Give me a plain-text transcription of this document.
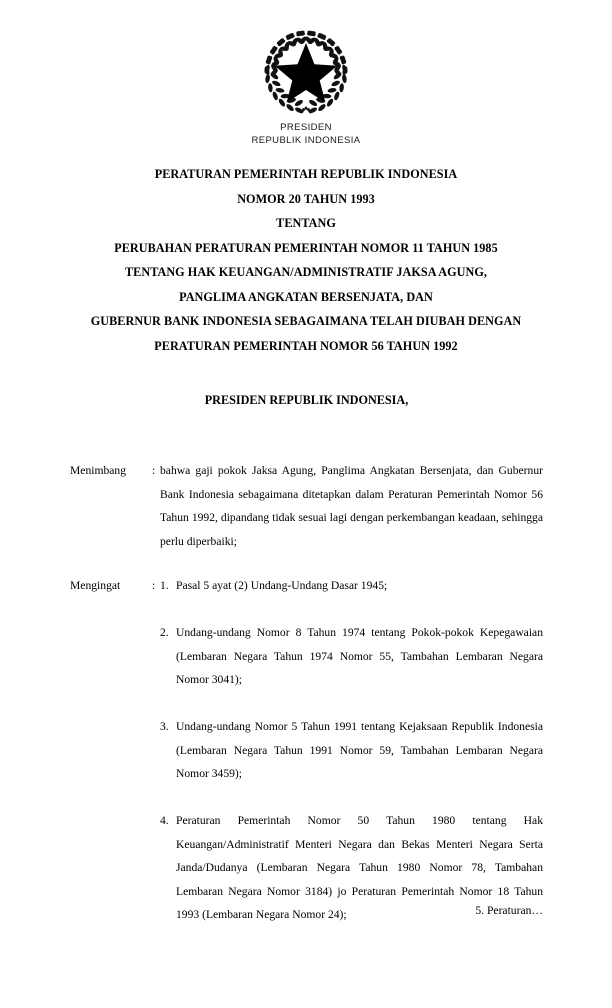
PRESIDEN
REPUBLIK INDONESIA
PERATURAN PEMERINTAH REPUBLIK INDONESIA
NOMOR 20 TAHUN 1993
TENTANG
PERUBAHAN PERATURAN PEMERINTAH NOMOR 11 TAHUN 1985
TENTANG HAK KEUANGAN/ADMINISTRATIF JAKSA AGUNG,
PANGLIMA ANGKATAN BERSENJATA, DAN
GUBERNUR BANK INDONESIA SEBAGAIMANA TELAH DIUBAH DENGAN
PERATURAN PEMERINTAH NOMOR 56 TAHUN 1992
PRESIDEN REPUBLIK INDONESIA,
Menimbang	: bahwa gaji pokok Jaksa Agung, Panglima Angkatan Bersenjata, dan Gubernur Bank Indonesia sebagaimana ditetapkan dalam Peraturan Pemerintah Nomor 56 Tahun 1992, dipandang tidak sesuai lagi dengan perkembangan keadaan, sehingga perlu diperbaiki;

Mengingat	: 1. Pasal 5 ayat (2) Undang-Undang Dasar 1945;
2. Undang-undang Nomor 8 Tahun 1974 tentang Pokok-pokok Kepegawaian (Lembaran Negara Tahun 1974 Nomor 55, Tambahan Lembaran Negara Nomor 3041);
3. Undang-undang Nomor 5 Tahun 1991 tentang Kejaksaan Republik Indonesia (Lembaran Negara Tahun 1991 Nomor 59, Tambahan Lembaran Negara Nomor 3459);
4. Peraturan Pemerintah Nomor 50 Tahun 1980 tentang Hak Keuangan/Administratif Menteri Negara dan Bekas Menteri Negara Serta Janda/Dudanya (Lembaran Negara Tahun 1980 Nomor 78, Tambahan Lembaran Negara Nomor 3184) jo Peraturan Pemerintah Nomor 18 Tahun 1993 (Lembaran Negara Nomor 24);	5. Peraturan…
